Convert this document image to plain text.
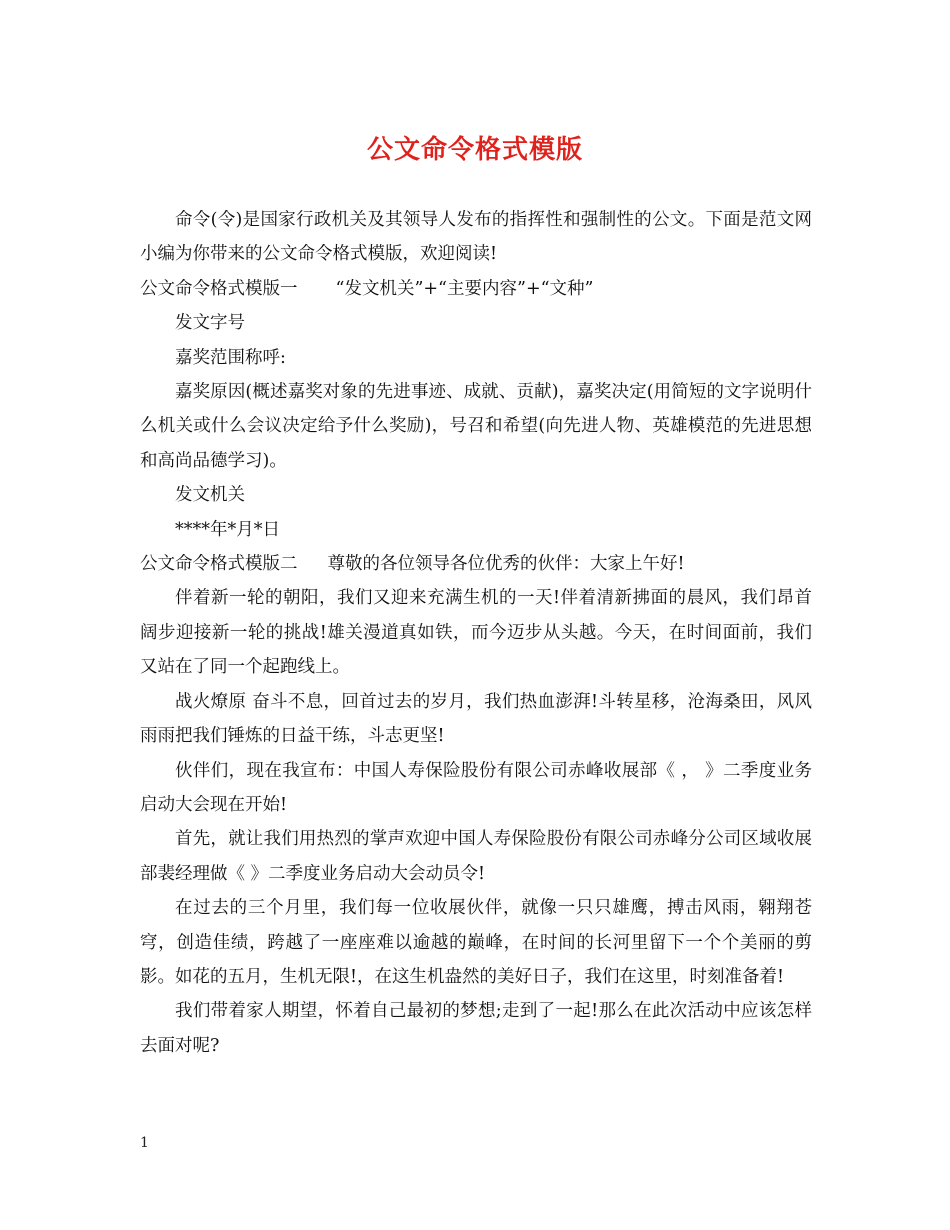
公文命令格式模版

命令(令)是国家行政机关及其领导人发布的指挥性和强制性的公文。下面是范文网小编为你带来的公文命令格式模版，欢迎阅读!

公文命令格式模版一 “发文机关”+“主要内容”+“文种”

发文字号

嘉奖范围称呼:

嘉奖原因(概述嘉奖对象的先进事迹、成就、贡献)，嘉奖决定(用简短的文字说明什么机关或什么会议决定给予什么奖励)，号召和希望(向先进人物、英雄模范的先进思想和高尚品德学习)。

发文机关

****年*月*日

公文命令格式模版二 尊敬的各位领导各位优秀的伙伴：大家上午好!

伴着新一轮的朝阳，我们又迎来充满生机的一天!伴着清新拂面的晨风，我们昂首阔步迎接新一轮的挑战!雄关漫道真如铁，而今迈步从头越。今天，在时间面前，我们又站在了同一个起跑线上。

战火燎原 奋斗不息，回首过去的岁月，我们热血澎湃!斗转星移，沧海桑田，风风雨雨把我们锤炼的日益干练，斗志更坚!

伙伴们，现在我宣布：中国人寿保险股份有限公司赤峰收展部《 ， 》二季度业务启动大会现在开始!

首先，就让我们用热烈的掌声欢迎中国人寿保险股份有限公司赤峰分公司区域收展部裴经理做《 》二季度业务启动大会动员令!

在过去的三个月里，我们每一位收展伙伴，就像一只只雄鹰，搏击风雨，翱翔苍穹，创造佳绩，跨越了一座座难以逾越的巅峰，在时间的长河里留下一个个美丽的剪影。如花的五月，生机无限!，在这生机盎然的美好日子，我们在这里，时刻准备着!

我们带着家人期望，怀着自己最初的梦想;走到了一起!那么在此次活动中应该怎样去面对呢?

1
